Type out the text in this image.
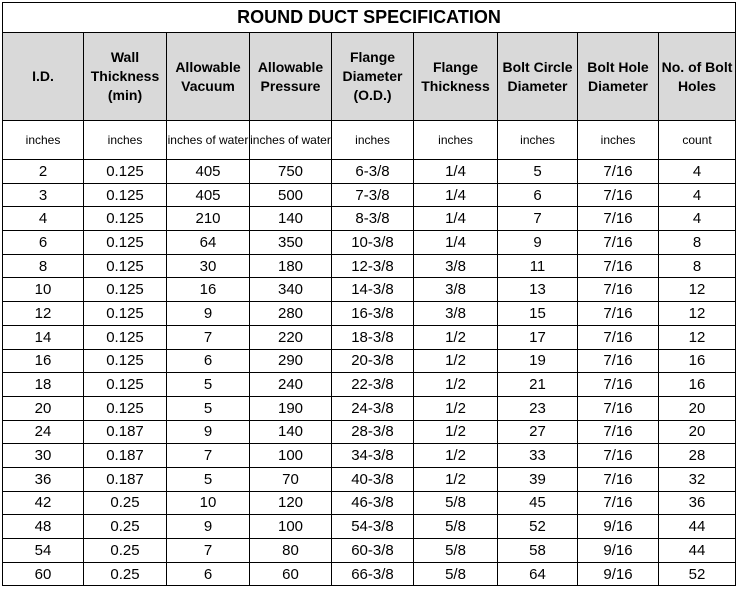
ROUND DUCT SPECIFICATION								
I.D.	Wall Thickness (min)	Allowable Vacuum	Allowable Pressure	Flange Diameter (O.D.)	Flange Thickness	Bolt Circle Diameter	Bolt Hole Diameter	No. of Bolt Holes
inches	inches	inches of water	inches of water	inches	inches	inches	inches	count
2	0.125	405	750	6-3/8	1/4	5	7/16	4
3	0.125	405	500	7-3/8	1/4	6	7/16	4
4	0.125	210	140	8-3/8	1/4	7	7/16	4
6	0.125	64	350	10-3/8	1/4	9	7/16	8
8	0.125	30	180	12-3/8	3/8	11	7/16	8
10	0.125	16	340	14-3/8	3/8	13	7/16	12
12	0.125	9	280	16-3/8	3/8	15	7/16	12
14	0.125	7	220	18-3/8	1/2	17	7/16	12
16	0.125	6	290	20-3/8	1/2	19	7/16	16
18	0.125	5	240	22-3/8	1/2	21	7/16	16
20	0.125	5	190	24-3/8	1/2	23	7/16	20
24	0.187	9	140	28-3/8	1/2	27	7/16	20
30	0.187	7	100	34-3/8	1/2	33	7/16	28
36	0.187	5	70	40-3/8	1/2	39	7/16	32
42	0.25	10	120	46-3/8	5/8	45	7/16	36
48	0.25	9	100	54-3/8	5/8	52	9/16	44
54	0.25	7	80	60-3/8	5/8	58	9/16	44
60	0.25	6	60	66-3/8	5/8	64	9/16	52
